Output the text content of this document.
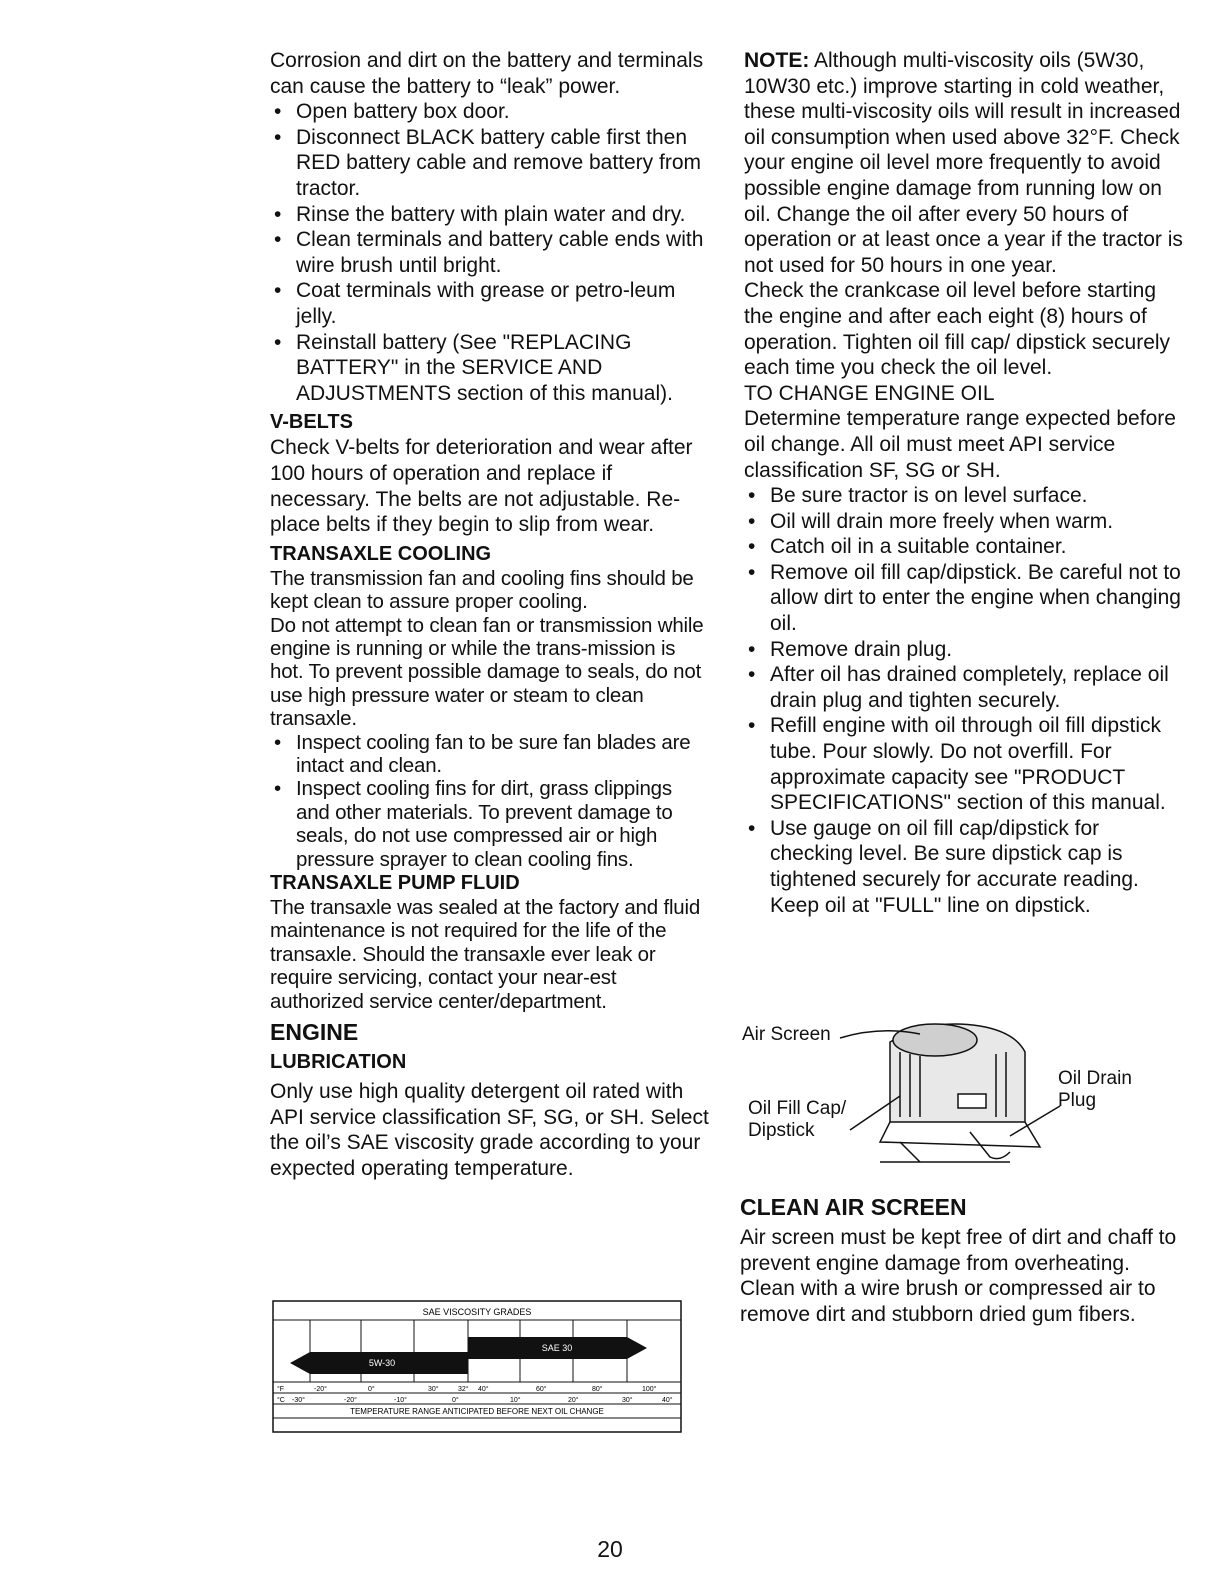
Corrosion and dirt on the battery and terminals can cause the battery to “leak” power.

• Open battery box door.
• Disconnect BLACK battery cable first then RED battery cable and remove battery from tractor.
• Rinse the battery with plain water and dry.
• Clean terminals and battery cable ends with wire brush until bright.
• Coat terminals with grease or petro-leum jelly.
• Reinstall battery (See "REPLACING BATTERY" in the SERVICE AND ADJUSTMENTS section of this manual).

V-BELTS

Check V-belts for deterioration and wear after 100 hours of operation and replace if necessary. The belts are not adjustable. Re-place belts if they begin to slip from wear.

TRANSAXLE COOLING

The transmission fan and cooling fins should be kept clean to assure proper cooling.

Do not attempt to clean fan or transmission while engine is running or while the trans-mission is hot. To prevent possible damage to seals, do not use high pressure water or steam to clean transaxle.

• Inspect cooling fan to be sure fan blades are intact and clean.
• Inspect cooling fins for dirt, grass clippings and other materials. To prevent damage to seals, do not use compressed air or high pressure sprayer to clean cooling fins.

TRANSAXLE PUMP FLUID

The transaxle was sealed at the factory and fluid maintenance is not required for the life of the transaxle. Should the transaxle ever leak or require servicing, contact your near-est authorized service center/department.

ENGINE

LUBRICATION

Only use high quality detergent oil rated with API service classification SF, SG, or SH. Select the oil’s SAE viscosity grade according to your expected operating temperature.

SAE VISCOSITY GRADES
SAE 30
5W-30
°F	-20°	0°	30°	32° 40°	60°	80°	100°
°C -30°	-20°	-10°	0°	10°	20°	30°	40°
TEMPERATURE RANGE ANTICIPATED BEFORE NEXT OIL CHANGE

NOTE: Although multi-viscosity oils (5W30, 10W30 etc.) improve starting in cold weather, these multi-viscosity oils will result in increased oil consumption when used above 32°F. Check your engine oil level more frequently to avoid possible engine damage from running low on oil. Change the oil after every 50 hours of operation or at least once a year if the tractor is not used for 50 hours in one year.

Check the crankcase oil level before starting the engine and after each eight (8) hours of operation. Tighten oil fill cap/ dipstick securely each time you check the oil level.

TO CHANGE ENGINE OIL

Determine temperature range expected before oil change. All oil must meet API service classification SF, SG or SH.

• Be sure tractor is on level surface.
• Oil will drain more freely when warm.
• Catch oil in a suitable container.
• Remove oil fill cap/dipstick. Be careful not to allow dirt to enter the engine when changing oil.
• Remove drain plug.
• After oil has drained completely, replace oil drain plug and tighten securely.
• Refill engine with oil through oil fill dipstick tube. Pour slowly. Do not overfill. For approximate capacity see "PRODUCT SPECIFICATIONS" section of this manual.
• Use gauge on oil fill cap/dipstick for checking level. Be sure dipstick cap is tightened securely for accurate reading. Keep oil at "FULL" line on dipstick.
Air Screen
Oil Fill Cap/
Dipstick
Oil Drain
Plug

CLEAN AIR SCREEN

Air screen must be kept free of dirt and chaff to prevent engine damage from overheating. Clean with a wire brush or compressed air to remove dirt and stubborn dried gum fibers.

20
